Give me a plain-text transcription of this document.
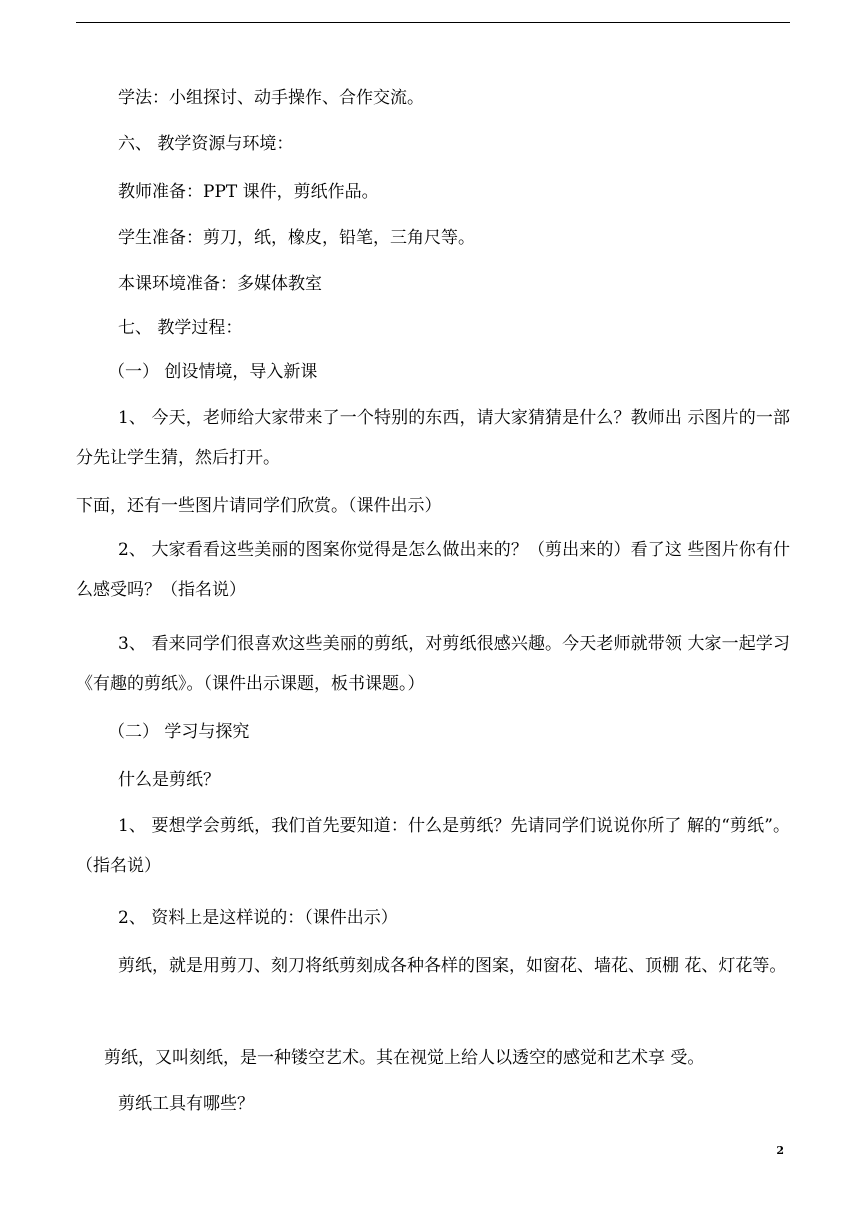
学法：小组探讨、动手操作、合作交流。

六、 教学资源与环境：

教师准备：PPT 课件，剪纸作品。

学生准备：剪刀，纸，橡皮，铅笔，三角尺等。

本课环境准备：多媒体教室

七、 教学过程：

（一） 创设情境，导入新课

1、 今天，老师给大家带来了一个特别的东西，请大家猜猜是什么？教师出 示图片的一部分先让学生猜，然后打开。

下面，还有一些图片请同学们欣赏。（课件出示）

2、 大家看看这些美丽的图案你觉得是怎么做出来的？（剪出来的）看了这 些图片你有什么感受吗？（指名说）

3、 看来同学们很喜欢这些美丽的剪纸，对剪纸很感兴趣。今天老师就带领 大家一起学习《有趣的剪纸》。（课件出示课题，板书课题。）

（二） 学习与探究

什么是剪纸？

1、 要想学会剪纸，我们首先要知道：什么是剪纸？先请同学们说说你所了 解的“剪纸”。（指名说）

2、 资料上是这样说的：（课件出示）

剪纸，就是用剪刀、刻刀将纸剪刻成各种各样的图案，如窗花、墙花、顶棚 花、灯花等。

剪纸，又叫刻纸，是一种镂空艺术。其在视觉上给人以透空的感觉和艺术享 受。

剪纸工具有哪些？

2
